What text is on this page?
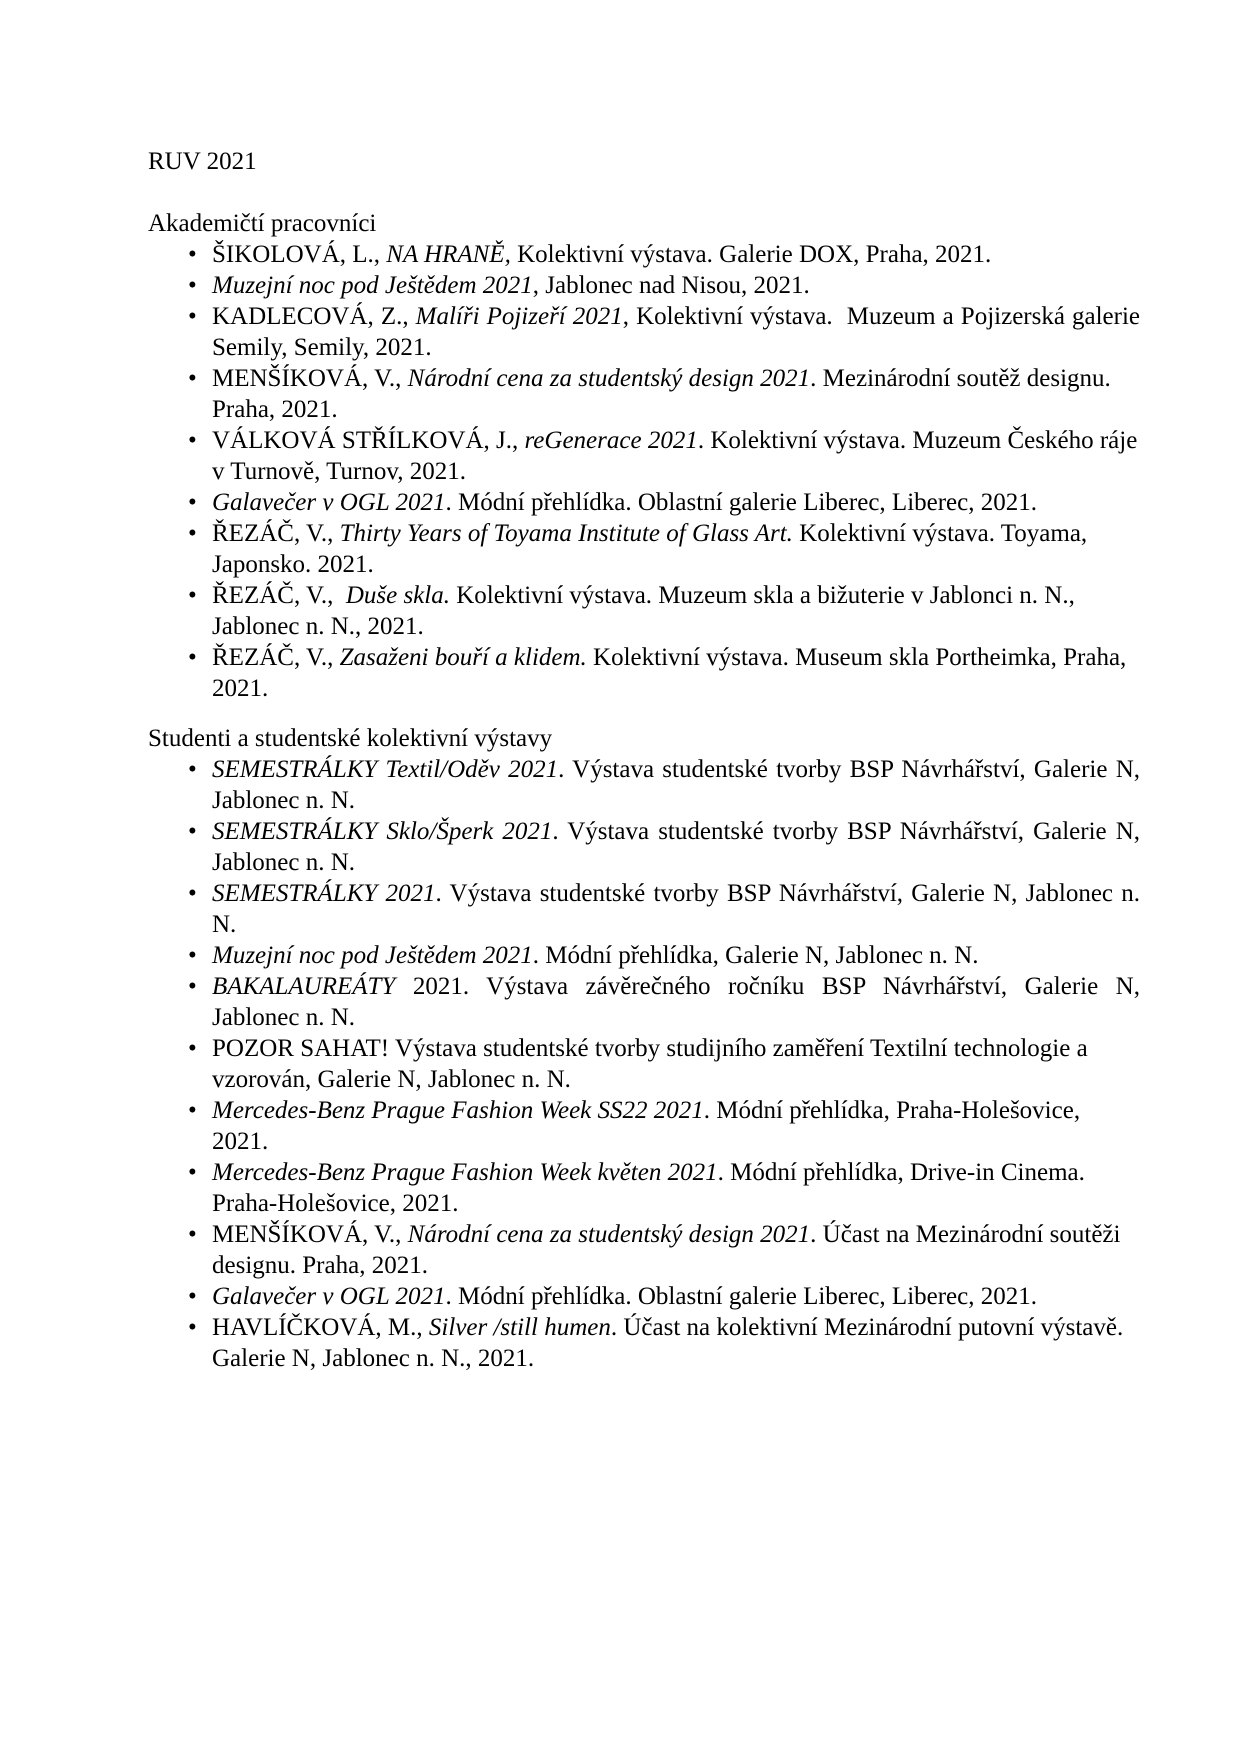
RUV 2021

Akademičtí pracovníci

• ŠIKOLOVÁ, L., NA HRANĚ, Kolektivní výstava. Galerie DOX, Praha, 2021.
• Muzejní noc pod Ještědem 2021, Jablonec nad Nisou, 2021.
• KADLECOVÁ, Z., Malíři Pojizeří 2021, Kolektivní výstava.  Muzeum a Pojizerská galerie Semily, Semily, 2021.
• MENŠÍKOVÁ, V., Národní cena za studentský design 2021. Mezinárodní soutěž designu. Praha, 2021.
• VÁLKOVÁ STŘÍLKOVÁ, J., reGenerace 2021. Kolektivní výstava. Muzeum Českého ráje v Turnově, Turnov, 2021.
• Galavečer v OGL 2021. Módní přehlídka. Oblastní galerie Liberec, Liberec, 2021.
• ŘEZÁČ, V., Thirty Years of Toyama Institute of Glass Art. Kolektivní výstava. Toyama, Japonsko. 2021.
• ŘEZÁČ, V.,  Duše skla. Kolektivní výstava. Muzeum skla a bižuterie v Jablonci n. N., Jablonec n. N., 2021.
• ŘEZÁČ, V., Zasaženi bouří a klidem. Kolektivní výstava. Museum skla Portheimka, Praha, 2021.

Studenti a studentské kolektivní výstavy

• SEMESTRÁLKY Textil/Oděv 2021. Výstava studentské tvorby BSP Návrhářství, Galerie N, Jablonec n. N.
• SEMESTRÁLKY Sklo/Šperk 2021. Výstava studentské tvorby BSP Návrhářství, Galerie N, Jablonec n. N.
• SEMESTRÁLKY 2021. Výstava studentské tvorby BSP Návrhářství, Galerie N, Jablonec n. N.
• Muzejní noc pod Ještědem 2021. Módní přehlídka, Galerie N, Jablonec n. N.
• BAKALAUREÁTY 2021. Výstava závěrečného ročníku BSP Návrhářství, Galerie N, Jablonec n. N.
• POZOR SAHAT! Výstava studentské tvorby studijního zaměření Textilní technologie a vzorován, Galerie N, Jablonec n. N.
• Mercedes-Benz Prague Fashion Week SS22 2021. Módní přehlídka, Praha-Holešovice, 2021.
• Mercedes-Benz Prague Fashion Week květen 2021. Módní přehlídka, Drive-in Cinema. Praha-Holešovice, 2021.
• MENŠÍKOVÁ, V., Národní cena za studentský design 2021. Účast na Mezinárodní soutěži designu. Praha, 2021.
• Galavečer v OGL 2021. Módní přehlídka. Oblastní galerie Liberec, Liberec, 2021.
• HAVLÍČKOVÁ, M., Silver /still humen. Účast na kolektivní Mezinárodní putovní výstavě. Galerie N, Jablonec n. N., 2021.
